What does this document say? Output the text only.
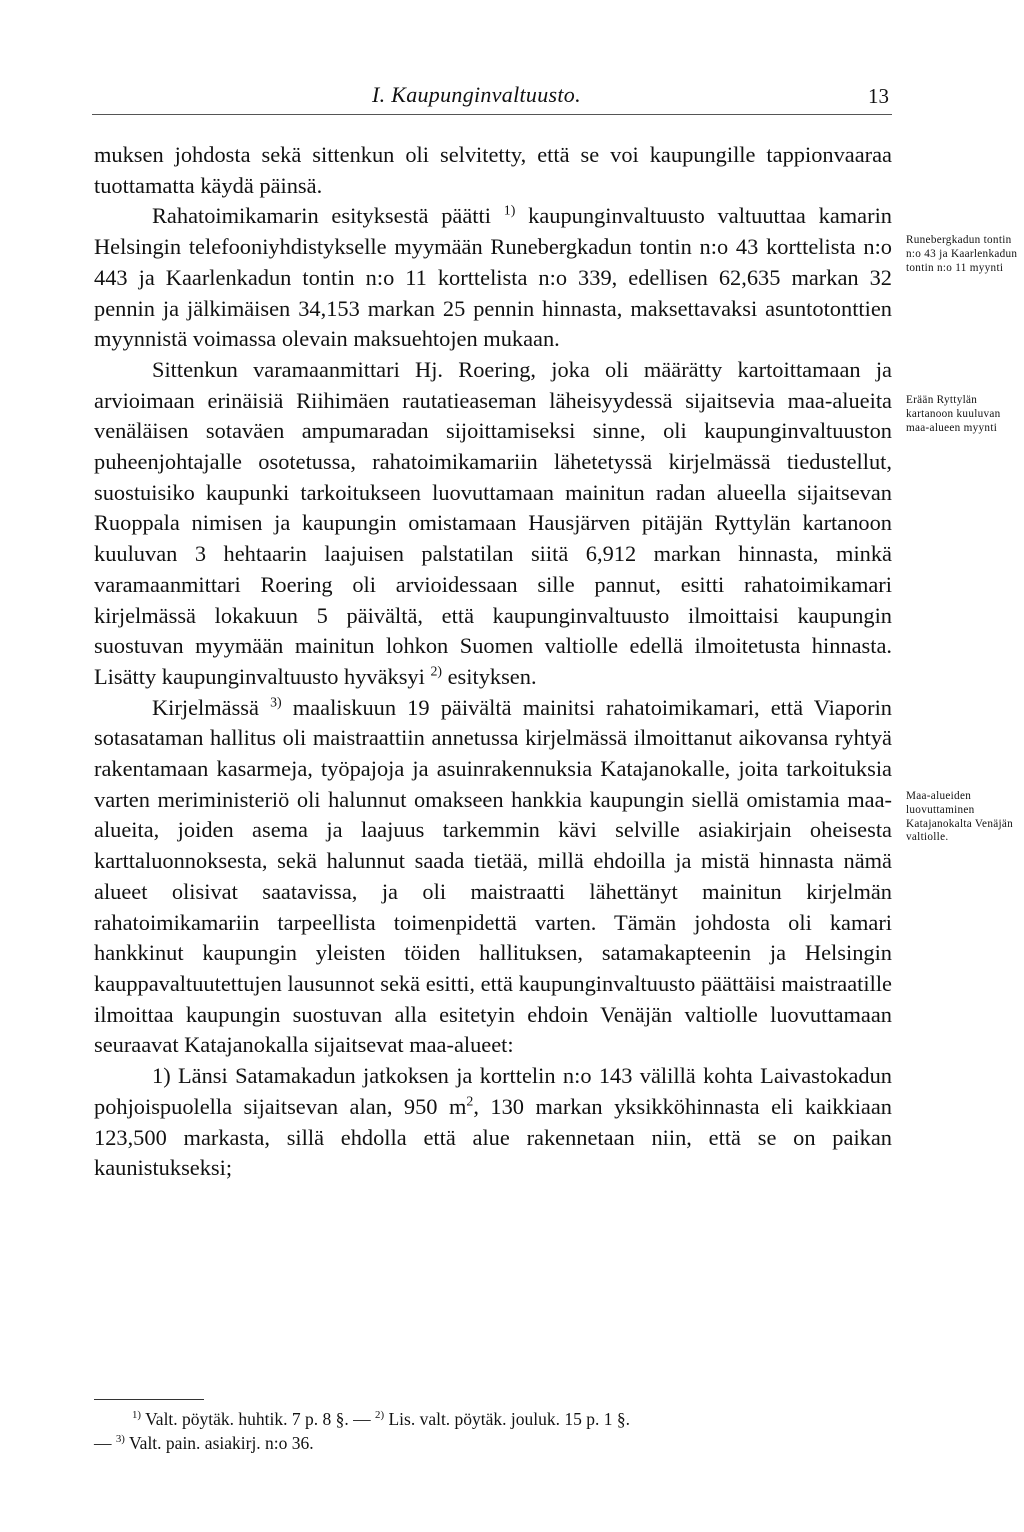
I. Kaupunginvaltuusto.	13

muksen johdosta sekä sittenkun oli selvitetty, että se voi kaupungille tappionvaaraa tuottamatta käydä päinsä.

Rahatoimikamarin esityksestä päätti $^{1)}$ kaupunginvaltuusto valtuuttaa kamarin Helsingin telefooniyhdistykselle myymään Runebergkadun tontin n:o 43 korttelista n:o 443 ja Kaarlenkadun tontin n:o 11 korttelista n:o 339, edellisen 62,635 markan 32 pennin ja jälkimäisen 34,153 markan 25 pennin hinnasta, maksettavaksi asuntotonttien myynnistä voimassa olevain maksuehtojen mukaan.

Sittenkun varamaanmittari Hj. Roering, joka oli määrätty kartoittamaan ja arvioimaan erinäisiä Riihimäen rautatieaseman läheisyydessä sijaitsevia maa-alueita venäläisen sotaväen ampumaradan sijoittamiseksi sinne, oli kaupunginvaltuuston puheenjohtajalle osotetussa, rahatoimikamariin lähetetyssä kirjelmässä tiedustellut, suostuisiko kaupunki tarkoitukseen luovuttamaan mainitun radan alueella sijaitsevan Ruoppala nimisen ja kaupungin omistamaan Hausjärven pitäjän Ryttylän kartanoon kuuluvan 3 hehtaarin laajuisen palstatilan siitä 6,912 markan hinnasta, minkä varamaanmittari Roering oli arvioidessaan sille pannut, esitti rahatoimikamari kirjelmässä lokakuun 5 päivältä, että kaupunginvaltuusto ilmoittaisi kaupungin suostuvan myymään mainitun lohkon Suomen valtiolle edellä ilmoitetusta hinnasta. Lisätty kaupunginvaltuusto hyväksyi $^{2)}$ esityksen.

Kirjelmässä $^{3)}$ maaliskuun 19 päivältä mainitsi rahatoimikamari, että Viaporin sotasataman hallitus oli maistraattiin annetussa kirjelmässä ilmoittanut aikovansa ryhtyä rakentamaan kasarmeja, työpajoja ja asuinrakennuksia Katajanokalle, joita tarkoituksia varten meriministeriö oli halunnut omakseen hankkia kaupungin siellä omistamia maa-alueita, joiden asema ja laajuus tarkemmin kävi selville asiakirjain oheisesta karttaluonnoksesta, sekä halunnut saada tietää, millä ehdoilla ja mistä hinnasta nämä alueet olisivat saatavissa, ja oli maistraatti lähettänyt mainitun kirjelmän rahatoimikamariin tarpeellista toimenpidettä varten. Tämän johdosta oli kamari hankkinut kaupungin yleisten töiden hallituksen, satamakapteenin ja Helsingin kauppavaltuutettujen lausunnot sekä esitti, että kaupunginvaltuusto päättäisi maistraatille ilmoittaa kaupungin suostuvan alla esitetyin ehdoin Venäjän valtiolle luovuttamaan seuraavat Katajanokalla sijaitsevat maa-alueet:

1) Länsi Satamakadun jatkoksen ja korttelin n:o 143 välillä kohta Laivastokadun pohjoispuolella sijaitsevan alan, 950 $m^2$, 130 markan yksikköhinnasta eli kaikkiaan 123,500 markasta, sillä ehdolla että alue rakennetaan niin, että se on paikan kaunistukseksi;

Runebergkadun tontin n:o 43 ja Kaarlenkadun tontin n:o 11 myynti
Erään Ryttylän kartanoon kuuluvan maa-alueen myynti
Maa-alueiden luovuttaminen Katajanokalta Venäjän valtiolle.

$^{1)}$ Valt. pöytäk. huhtik. 7 p. 8 §. — $^{2)}$ Lis. valt. pöytäk. jouluk. 15 p. 1 §.

— $^{3)}$ Valt. pain. asiakirj. n:o 36.
